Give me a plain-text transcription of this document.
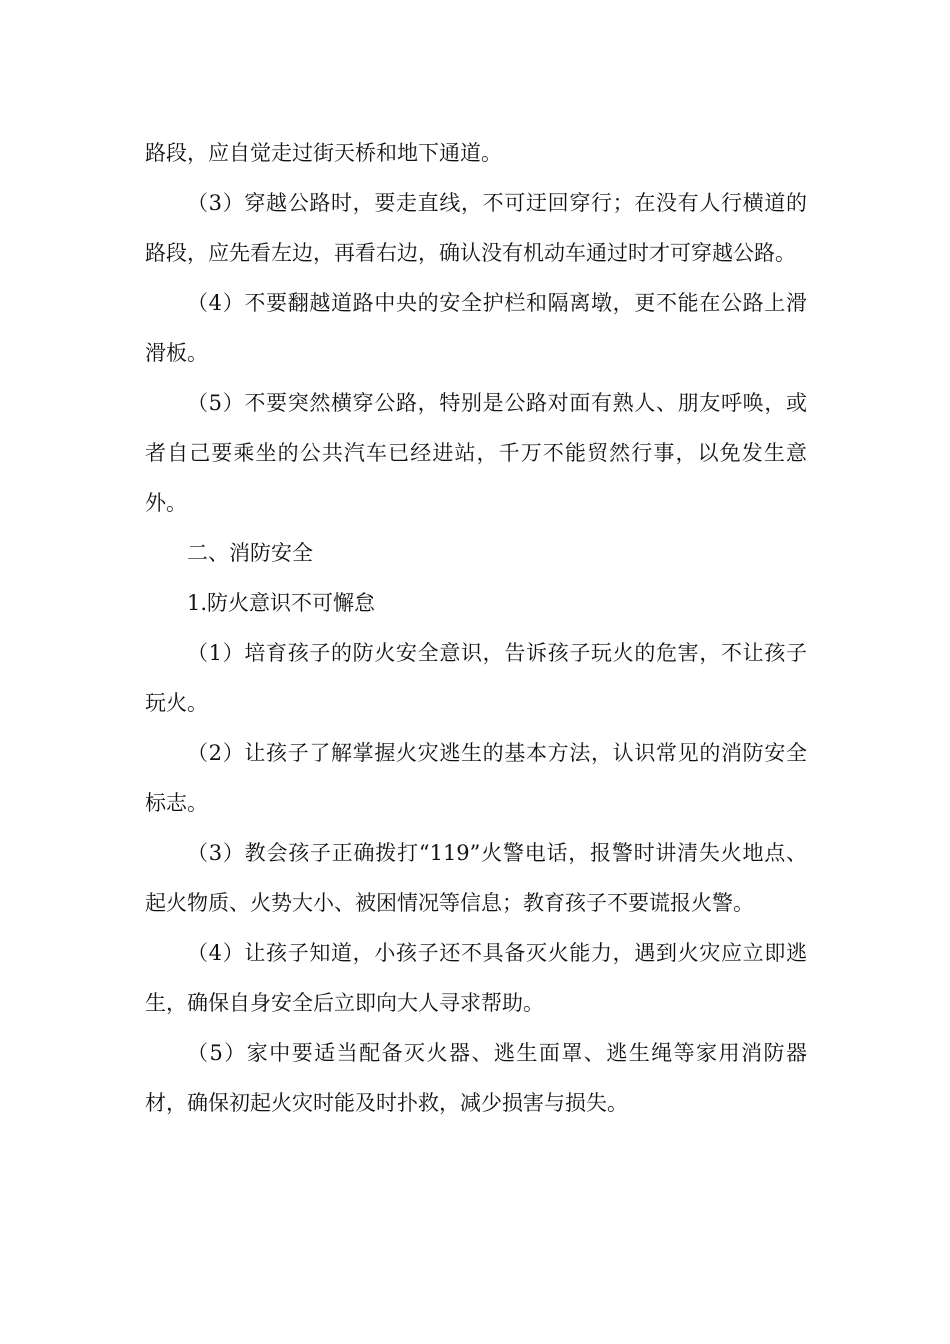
路段，应自觉走过街天桥和地下通道。

（3）穿越公路时，要走直线，不可迂回穿行；在没有人行横道的路段，应先看左边，再看右边，确认没有机动车通过时才可穿越公路。

（4）不要翻越道路中央的安全护栏和隔离墩，更不能在公路上滑滑板。

（5）不要突然横穿公路，特别是公路对面有熟人、朋友呼唤，或者自己要乘坐的公共汽车已经进站，千万不能贸然行事，以免发生意外。

二、消防安全

1.防火意识不可懈怠

（1）培育孩子的防火安全意识，告诉孩子玩火的危害，不让孩子玩火。

（2）让孩子了解掌握火灾逃生的基本方法，认识常见的消防安全标志。

（3）教会孩子正确拨打“119”火警电话，报警时讲清失火地点、起火物质、火势大小、被困情况等信息；教育孩子不要谎报火警。

（4）让孩子知道，小孩子还不具备灭火能力，遇到火灾应立即逃生，确保自身安全后立即向大人寻求帮助。

（5）家中要适当配备灭火器、逃生面罩、逃生绳等家用消防器材，确保初起火灾时能及时扑救，减少损害与损失。
